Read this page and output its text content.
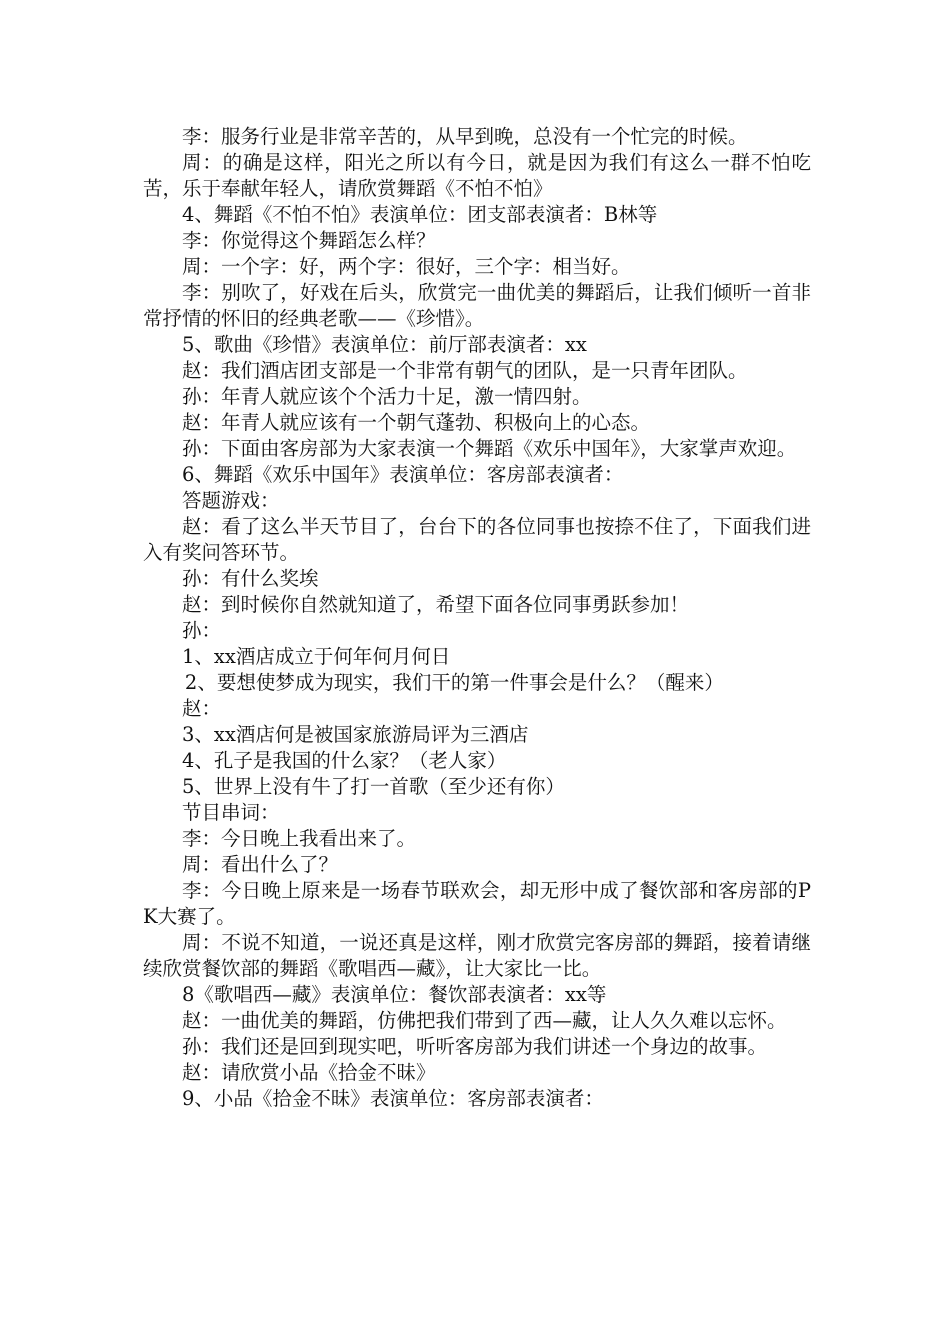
李：服务行业是非常辛苦的，从早到晚，总没有一个忙完的时候。

周：的确是这样，阳光之所以有今日，就是因为我们有这么一群不怕吃苦，乐于奉献年轻人，请欣赏舞蹈《不怕不怕》

4、舞蹈《不怕不怕》表演单位：团支部表演者：B林等

李：你觉得这个舞蹈怎么样？

周：一个字：好，两个字：很好，三个字：相当好。

李：别吹了，好戏在后头，欣赏完一曲优美的舞蹈后，让我们倾听一首非常抒情的怀旧的经典老歌——《珍惜》。

5、歌曲《珍惜》表演单位：前厅部表演者：xx

赵：我们酒店团支部是一个非常有朝气的团队，是一只青年团队。

孙：年青人就应该个个活力十足，激一情四射。

赵：年青人就应该有一个朝气蓬勃、积极向上的心态。

孙：下面由客房部为大家表演一个舞蹈《欢乐中国年》，大家掌声欢迎。

6、舞蹈《欢乐中国年》表演单位：客房部表演者：

答题游戏：

赵：看了这么半天节目了，台台下的各位同事也按捺不住了，下面我们进入有奖问答环节。

孙：有什么奖埃

赵：到时候你自然就知道了，希望下面各位同事勇跃参加！

孙：

1、xx酒店成立于何年何月何日

2、要想使梦成为现实，我们干的第一件事会是什么？（醒来）

赵：

3、xx酒店何是被国家旅游局评为三酒店

4、孔子是我国的什么家？（老人家）

5、世界上没有牛了打一首歌（至少还有你）

节目串词：

李：今日晚上我看出来了。

周：看出什么了？

李：今日晚上原来是一场春节联欢会，却无形中成了餐饮部和客房部的PK大赛了。

周：不说不知道，一说还真是这样，刚才欣赏完客房部的舞蹈，接着请继续欣赏餐饮部的舞蹈《歌唱西—藏》，让大家比一比。

8《歌唱西—藏》表演单位：餐饮部表演者：xx等

赵：一曲优美的舞蹈，仿佛把我们带到了西—藏，让人久久难以忘怀。

孙：我们还是回到现实吧，听听客房部为我们讲述一个身边的故事。

赵：请欣赏小品《拾金不昧》

9、小品《拾金不昧》表演单位：客房部表演者：
